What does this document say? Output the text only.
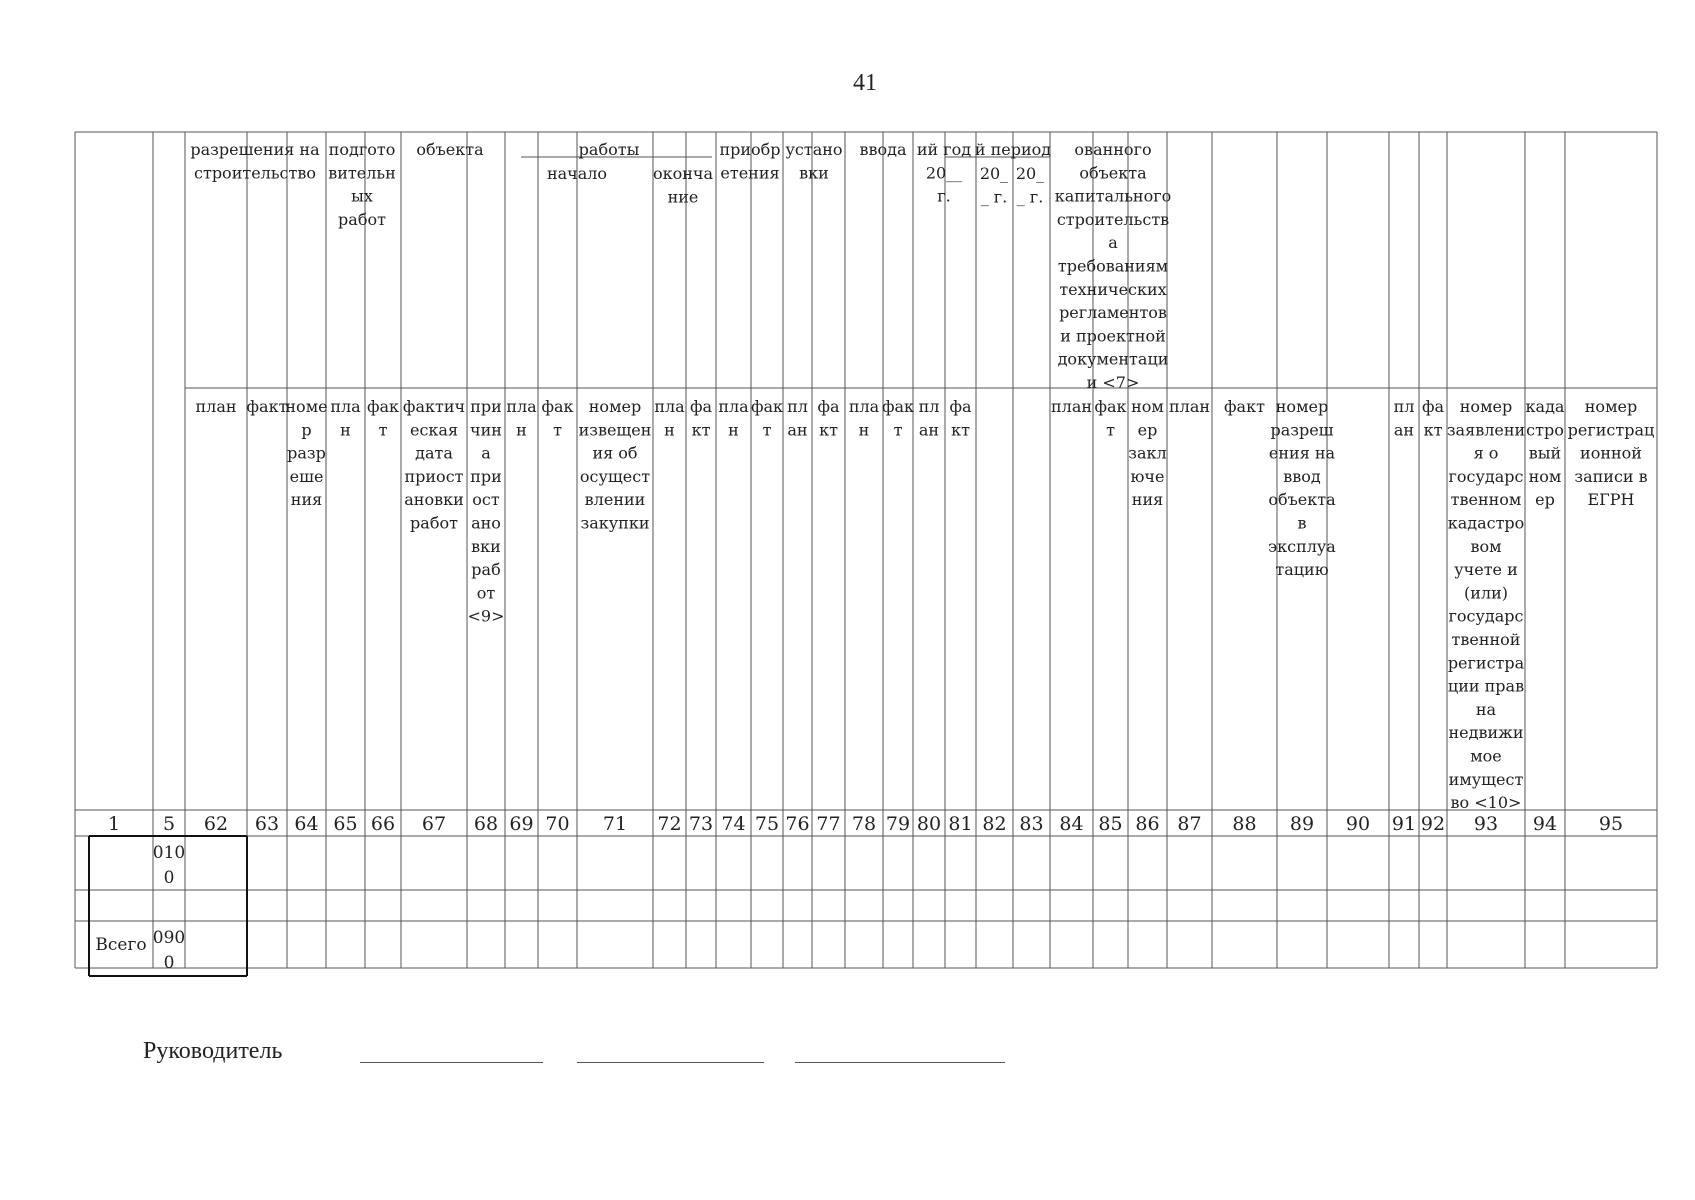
41
разрешения на строительство
подгото вительн ых работ
объекта	работы
начало	оконча ние
приобр етения
устано вки
ввода ий год 20__ г.
й период
20_ _ г.
20_ _ г.
ованного объекта капитального строительств а требованиям технических регламентов и проектной документаци и <7>
план факт
номе р разр еше ния
пла н
фак т
фактич еская дата приост ановки работ
при чин а при ост ано вки раб от <9>
пла н
фак т
номер извещен ия об осущест влении закупки
пла н
фа кт
пла н
фак т
пл ан
фа кт
пла н
фак т
пл ан
фа кт
план фак т
ном ер закл юче ния
план факт номер разреш ения на ввод объекта в эксплуа тацию
пл ан
фа кт
номер заявлени я о государс твенном кадастро вом учете и (или) государс твенной регистра ции прав на недвижи мое имущест во <10>
када стро вый ном ер
номер регистрац ионной записи в ЕГРН
1 5 62 63 64 65 66 67 68 69 70 71 72 73 74 75 76 77 78 79 80 81 82 83 84 85 86 87 88 89 90 91 92 93 94 95
010 0
Всего 090 0
Руководитель
